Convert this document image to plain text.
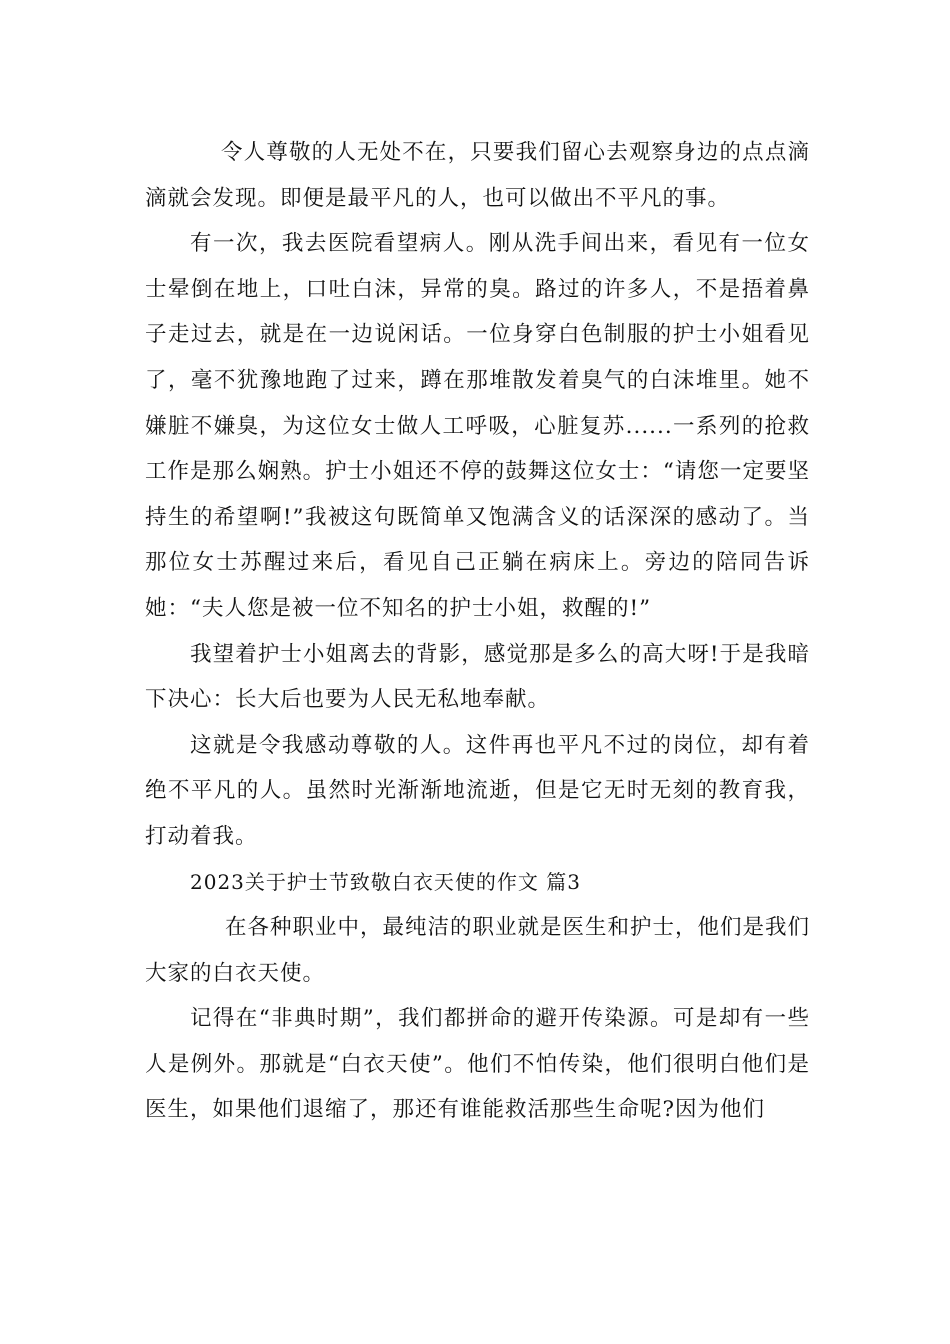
令人尊敬的人无处不在，只要我们留心去观察身边的点点滴滴就会发现。即便是最平凡的人，也可以做出不平凡的事。

有一次，我去医院看望病人。刚从洗手间出来，看见有一位女士晕倒在地上，口吐白沫，异常的臭。路过的许多人，不是捂着鼻子走过去，就是在一边说闲话。一位身穿白色制服的护士小姐看见了，毫不犹豫地跑了过来，蹲在那堆散发着臭气的白沫堆里。她不嫌脏不嫌臭，为这位女士做人工呼吸，心脏复苏......一系列的抢救工作是那么娴熟。护士小姐还不停的鼓舞这位女士：“请您一定要坚持生的希望啊!”我被这句既简单又饱满含义的话深深的感动了。当那位女士苏醒过来后，看见自己正躺在病床上。旁边的陪同告诉她：“夫人您是被一位不知名的护士小姐，救醒的!”

我望着护士小姐离去的背影，感觉那是多么的高大呀!于是我暗下决心：长大后也要为人民无私地奉献。

这就是令我感动尊敬的人。这件再也平凡不过的岗位，却有着绝不平凡的人。虽然时光渐渐地流逝，但是它无时无刻的教育我，打动着我。

2023关于护士节致敬白衣天使的作文 篇3

在各种职业中，最纯洁的职业就是医生和护士，他们是我们大家的白衣天使。

记得在“非典时期”，我们都拼命的避开传染源。可是却有一些人是例外。那就是“白衣天使”。他们不怕传染，他们很明白他们是医生，如果他们退缩了，那还有谁能救活那些生命呢?因为他们
